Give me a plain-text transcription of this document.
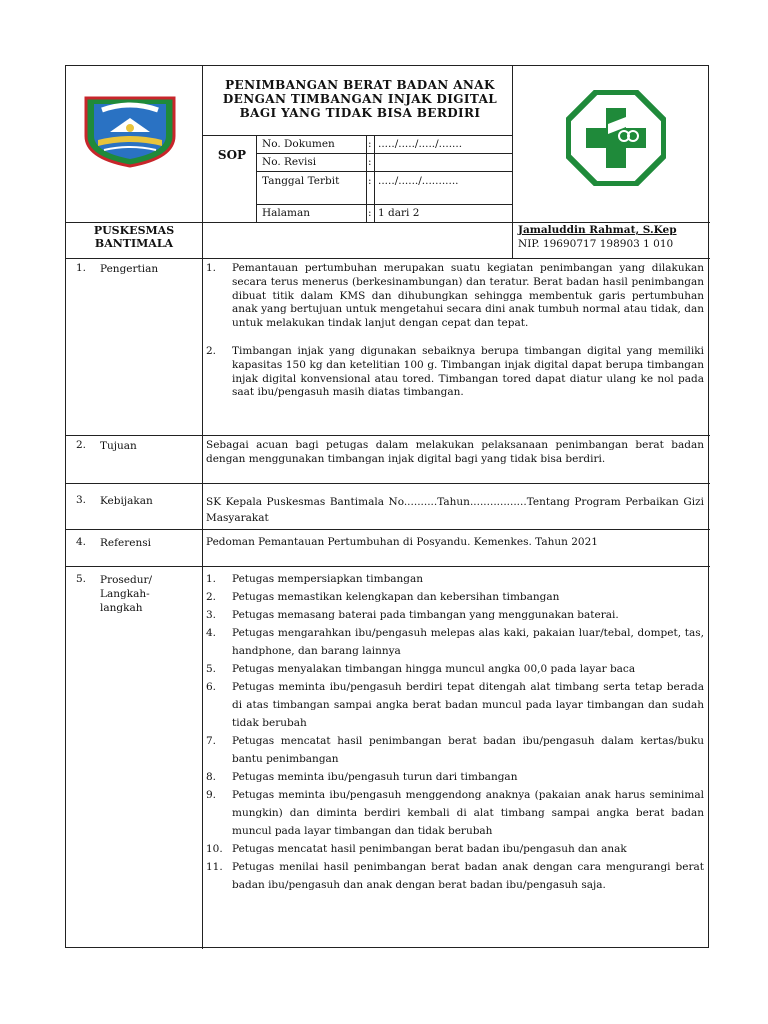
PENIMBANGAN BERAT BADAN ANAK
DENGAN TIMBANGAN INJAK DIGITAL
BAGI YANG TIDAK BISA BERDIRI
SOP
No. Dokumen	: ...../...../...../.......
No. Revisi	:
Tanggal Terbit	: ...../....../...........
Halaman	: 1 dari 2
PUSKESMAS BANTIMALA
Jamaluddin Rahmat, S.Kep
NIP. 19690717 198903 1 010
1. Pengertian	1.	Pemantauan pertumbuhan merupakan suatu kegiatan penimbangan yang dilakukan secara terus menerus (berkesinambungan) dan teratur. Berat badan hasil penimbangan dibuat titik dalam KMS dan dihubungkan sehingga membentuk garis pertumbuhan anak yang bertujuan untuk mengetahui secara dini anak tumbuh normal atau tidak, dan untuk melakukan tindak lanjut dengan cepat dan tepat.
2.	Timbangan injak yang digunakan sebaiknya berupa timbangan digital yang memiliki kapasitas 150 kg dan ketelitian 100 g. Timbangan injak digital dapat berupa timbangan injak digital konvensional atau tored. Timbangan tored dapat diatur ulang ke nol pada saat ibu/pengasuh masih diatas timbangan.
2. Tujuan	Sebagai acuan bagi petugas dalam melakukan pelaksanaan penimbangan berat badan dengan menggunakan timbangan injak digital bagi yang tidak bisa berdiri.
3. Kebijakan	SK Kepala Puskesmas Bantimala No..........Tahun.................Tentang Program Perbaikan Gizi Masyarakat
4. Referensi	Pedoman Pemantauan Pertumbuhan di Posyandu. Kemenkes. Tahun 2021
5. Prosedur/ Langkah-langkah
1.	Petugas mempersiapkan timbangan
2.	Petugas memastikan kelengkapan dan kebersihan timbangan
3.	Petugas memasang baterai pada timbangan yang menggunakan baterai.
4.	Petugas mengarahkan ibu/pengasuh melepas alas kaki, pakaian luar/tebal, dompet, tas, handphone, dan barang lainnya
5.	Petugas menyalakan timbangan hingga muncul angka 00,0 pada layar baca
6.	Petugas meminta ibu/pengasuh berdiri tepat ditengah alat timbang serta tetap berada di atas timbangan sampai angka berat badan muncul pada layar timbangan dan sudah tidak berubah
7.	Petugas mencatat hasil penimbangan berat badan ibu/pengasuh dalam kertas/buku bantu penimbangan
8.	Petugas meminta ibu/pengasuh turun dari timbangan
9.	Petugas meminta ibu/pengasuh menggendong anaknya (pakaian anak harus seminimal mungkin) dan diminta berdiri kembali di alat timbang sampai angka berat badan muncul pada layar timbangan dan tidak berubah
10. Petugas mencatat hasil penimbangan berat badan ibu/pengasuh dan anak
11. Petugas menilai hasil penimbangan berat badan anak dengan cara mengurangi berat badan ibu/pengasuh dan anak dengan berat badan ibu/pengasuh saja.
